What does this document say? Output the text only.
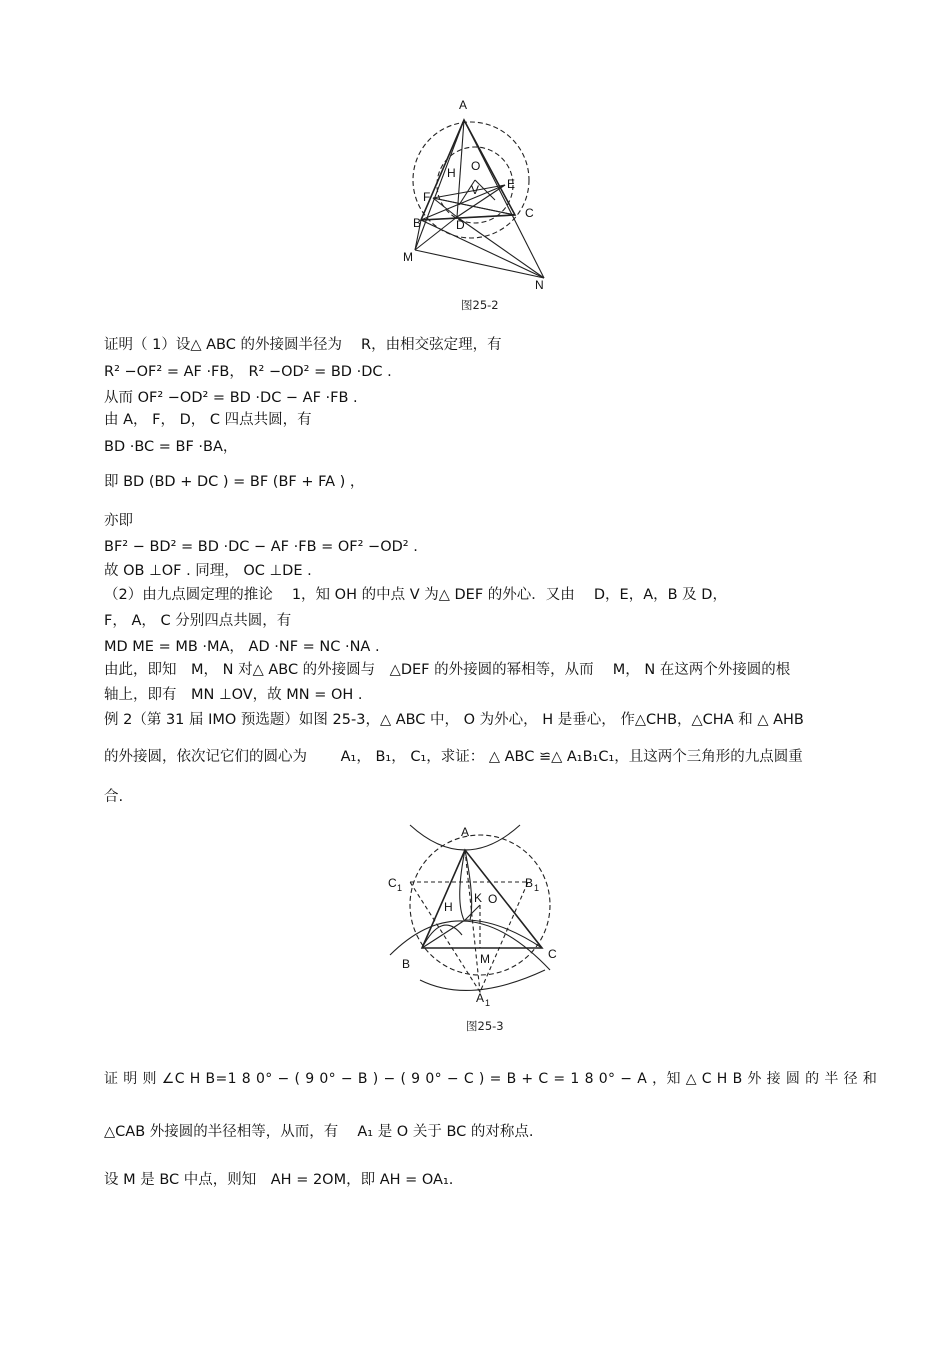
A
O
H
E
V
F
B	D
C
M
N
图25-2
证明（ 1）设△ ABC 的外接圆半径为　 R，由相交弦定理，有
R² −OF² = AF ·FB， R² −OD² = BD ·DC .
从而 OF² −OD² = BD ·DC − AF ·FB .
由 A， F， D， C 四点共圆，有
BD ·BC = BF ·BA，
即 BD (BD + DC ) = BF (BF + FA ) ，
亦即
BF² − BD² = BD ·DC − AF ·FB = OF² −OD² .
故 OB ⊥OF . 同理， OC ⊥DE .
（2）由九点圆定理的推论　 1，知 OH 的中点 V 为△ DEF 的外心．又由　 D，E，A，B 及 D，
F， A， C 分别四点共圆，有
MD ME = MB ·MA， AD ·NF = NC ·NA .
由此，即知　M， N 对△ ABC 的外接圆与　△DEF 的外接圆的幂相等，从而　 M， N 在这两个外接圆的根
轴上，即有　MN ⊥OV，故 MN = OH .
例 2（第 31 届 IMO 预选题）如图 25-3，△ ABC 中， O 为外心， H 是垂心， 作△CHB，△CHA 和 △ AHB
的外接圆，依次记它们的圆心为　　 A₁， B₁， C₁，求证： △ ABC ≌△ A₁B₁C₁，且这两个三角形的九点圆重
合.
A
C 1	B 1
K O
H
B	M	C
A 1
图25-3
证 明 则 ∠C H B=1 8 0° − ( 9 0° − B ) − ( 9 0° − C ) = B + C = 1 8 0° − A ，知 △ C H B 外 接 圆 的 半 径 和
△CAB 外接圆的半径相等，从而，有　 A₁ 是 O 关于 BC 的对称点.
设 M 是 BC 中点，则知　AH = 2OM，即 AH = OA₁.
